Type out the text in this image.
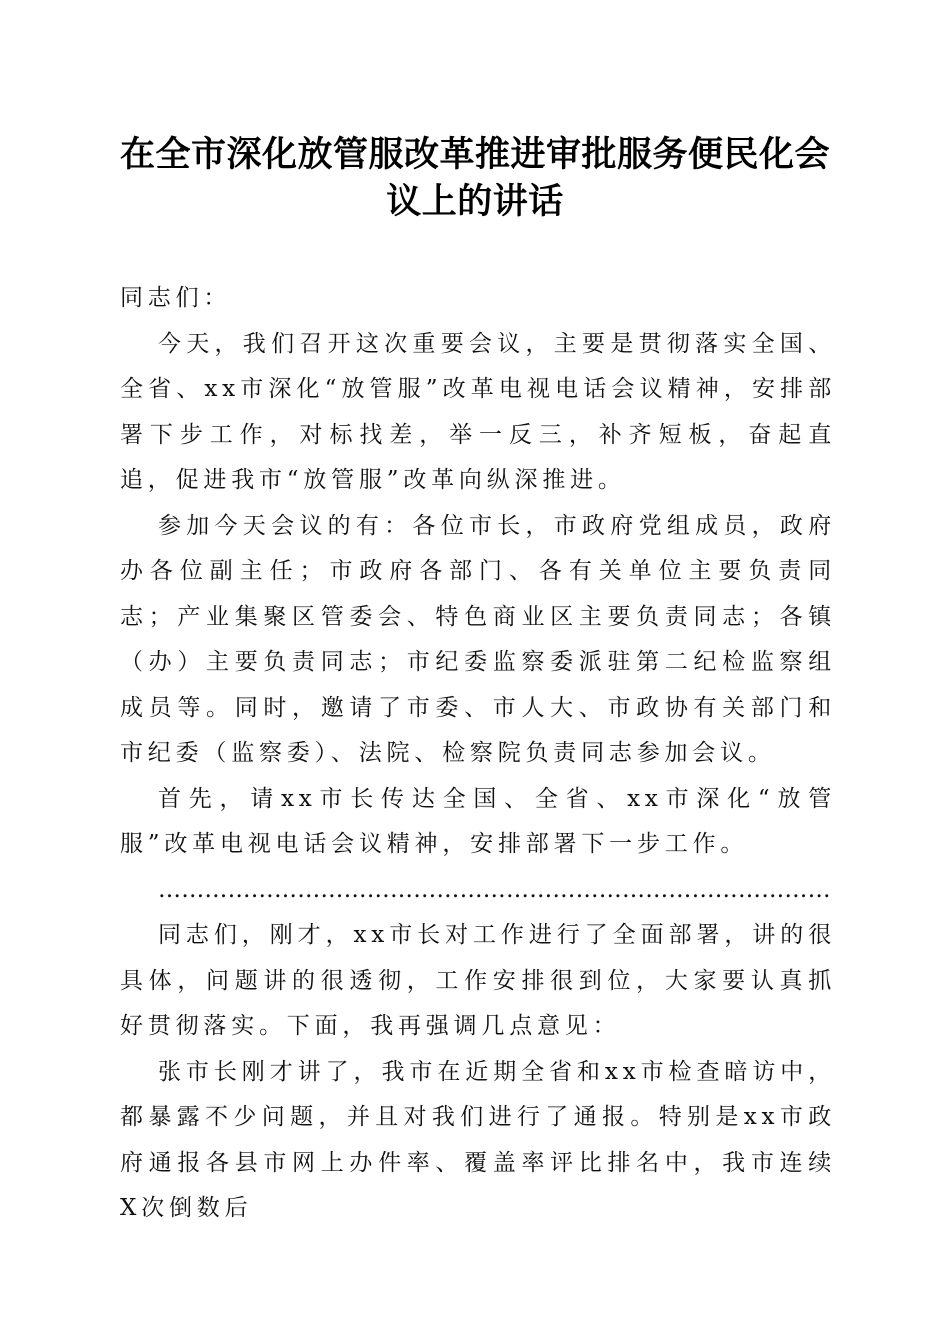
在全市深化放管服改革推进审批服务便民化会
议上的讲话

同志们：

今天，我们召开这次重要会议，主要是贯彻落实全国、全省、xx市深化“放管服”改革电视电话会议精神，安排部署下步工作，对标找差，举一反三，补齐短板，奋起直追，促进我市“放管服”改革向纵深推进。

参加今天会议的有：各位市长，市政府党组成员，政府办各位副主任；市政府各部门、各有关单位主要负责同志；产业集聚区管委会、特色商业区主要负责同志；各镇（办）主要负责同志；市纪委监察委派驻第二纪检监察组成员等。同时，邀请了市委、市人大、市政协有关部门和市纪委（监察委）、法院、检察院负责同志参加会议。

首先，请xx市长传达全国、全省、xx市深化“放管服”改革电视电话会议精神，安排部署下一步工作。

……………………………………………………………………………

同志们，刚才，xx市长对工作进行了全面部署，讲的很具体，问题讲的很透彻，工作安排很到位，大家要认真抓好贯彻落实。下面，我再强调几点意见：

张市长刚才讲了，我市在近期全省和xx市检查暗访中，都暴露不少问题，并且对我们进行了通报。特别是xx市政府通报各县市网上办件率、覆盖率评比排名中，我市连续X次倒数后
